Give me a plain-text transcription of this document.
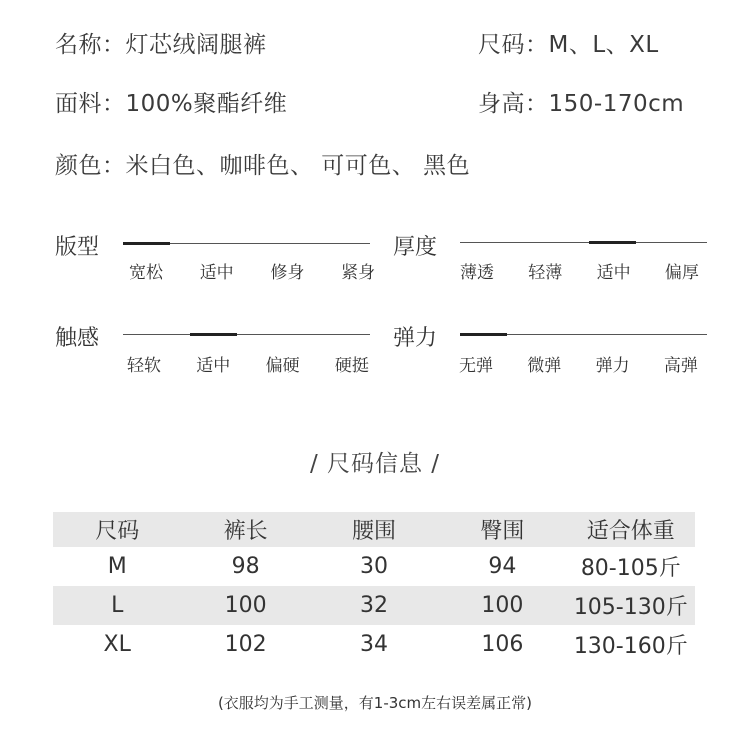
名称：灯芯绒阔腿裤	尺码：M、L、XL
面料：100%聚酯纤维	身高：150-170cm
颜色：米白色、咖啡色、 可可色、 黑色
版型	厚度
触感	弹力
/ 尺码信息 /
尺码	裤长	腰围	臀围	适合体重
M	98	30	94	80-105斤
L	100	32	100	105-130斤
XL	102	34	106	130-160斤
(衣服均为手工测量，有1-3cm左右误差属正常)
宽松 适中 修身 紧身	薄透 轻薄 适中 偏厚
轻软 适中 偏硬 硬挺	无弹 微弹 弹力 高弹
